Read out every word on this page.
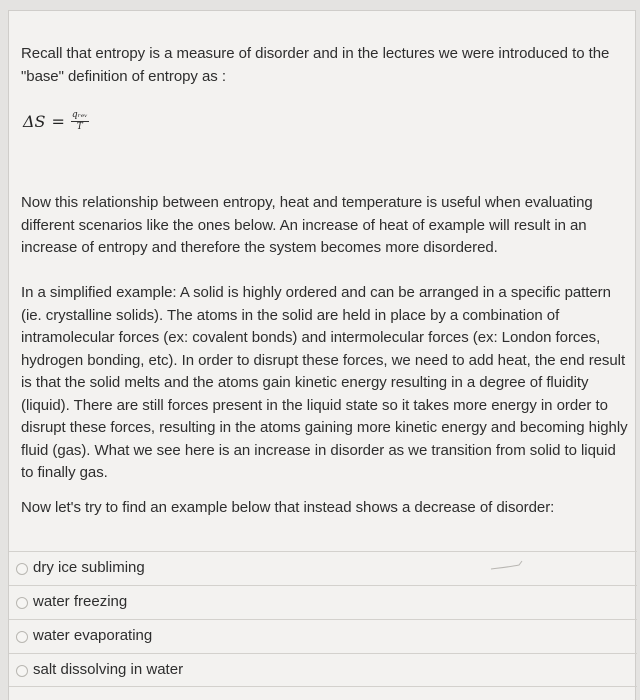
Recall that entropy is a measure of disorder and in the lectures we were introduced to the "base" definition of entropy as :

$\Delta S = \frac{\text{qᵣₑᵥ}}{T}$

Now this relationship between entropy, heat and temperature is useful when evaluating different scenarios like the ones below. An increase of heat of example will result in an increase of entropy and therefore the system becomes more disordered.

In a simplified example: A solid is highly ordered and can be arranged in a specific pattern (ie. crystalline solids). The atoms in the solid are held in place by a combination of intramolecular forces (ex: covalent bonds) and intermolecular forces (ex: London forces, hydrogen bonding, etc). In order to disrupt these forces, we need to add heat, the end result is that the solid melts and the atoms gain kinetic energy resulting in a degree of fluidity (liquid). There are still forces present in the liquid state so it takes more energy in order to disrupt these forces, resulting in the atoms gaining more kinetic energy and becoming highly fluid (gas). What we see here is an increase in disorder as we transition from solid to liquid to finally gas.

Now let's try to find an example below that instead shows a decrease of disorder:

dry ice subliming
water freezing
water evaporating
salt dissolving in water
